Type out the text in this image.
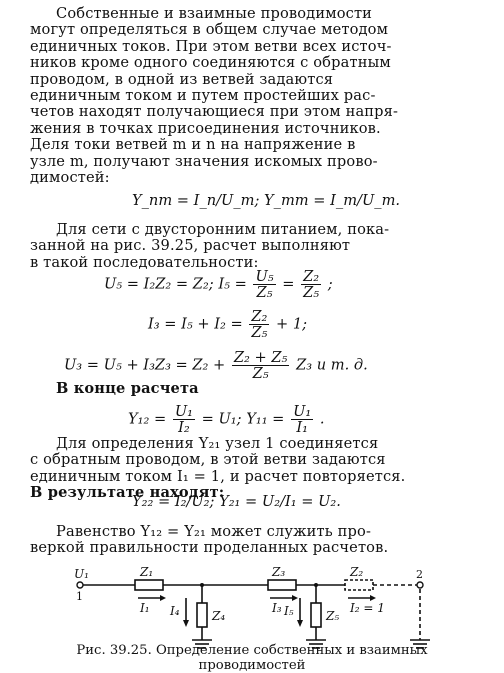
Собственные и взаимные проводимости
могут определяться в общем случае методом
единичных токов. При этом ветви всех источ-
ников кроме одного соединяются с обратным
проводом, в одной из ветвей задаются
единичным током и путем простейших рас-
четов находят получающиеся при этом напря-
жения в точках присоединения источников.
Деля токи ветвей m и n на напряжение в
узле m, получают значения искомых прово-
димостей:
Y_nm = I_n/U_m; Y_mm = I_m/U_m.
Для сети с двусторонним питанием, пока-
занной на рис. 39.25, расчет выполняют
в такой последовательности:
U₅ = I₂Z₂ = Z₂; $I_5 = \frac{\text{U₅}}{\text{Z₅}} = \frac{\text{Z₂}}{\text{Z₅}}$ ;
$I_3 = I_5 + I_2 = \frac{\text{Z₂}}{\text{Z₅}} + 1$;
$U_3 = U_5 + I_3Z_3 = Z_2 + \frac{\text{Z₂ + Z₅}}{\text{Z₅}} Z_3$ и т. д.
В конце расчета
$Y_{12} = \frac{\text{U₁}}{\text{I₂}} = U_1$; $Y_{11} = \frac{\text{U₁}}{\text{I₁}}$ .
Для определения Y₂₁ узел 1 соединяется
с обратным проводом, в этой ветви задаются
единичным током I₁ = 1, и расчет повторяется.
В результате находят:
Y₂₂ = I₂/U₂; Y₂₁ = U₂/I₁ = U₂.
Равенство Y₁₂ = Y₂₁ может служить про-
веркой правильности проделанных расчетов.
U₁
1
Z₁
I₁ I₄	Z₄
Z₃
I₃ I₅	Z₅
Z₂
I₂ = 1
2
Рис. 39.25. Определение собственных и взаимных
проводимостей
